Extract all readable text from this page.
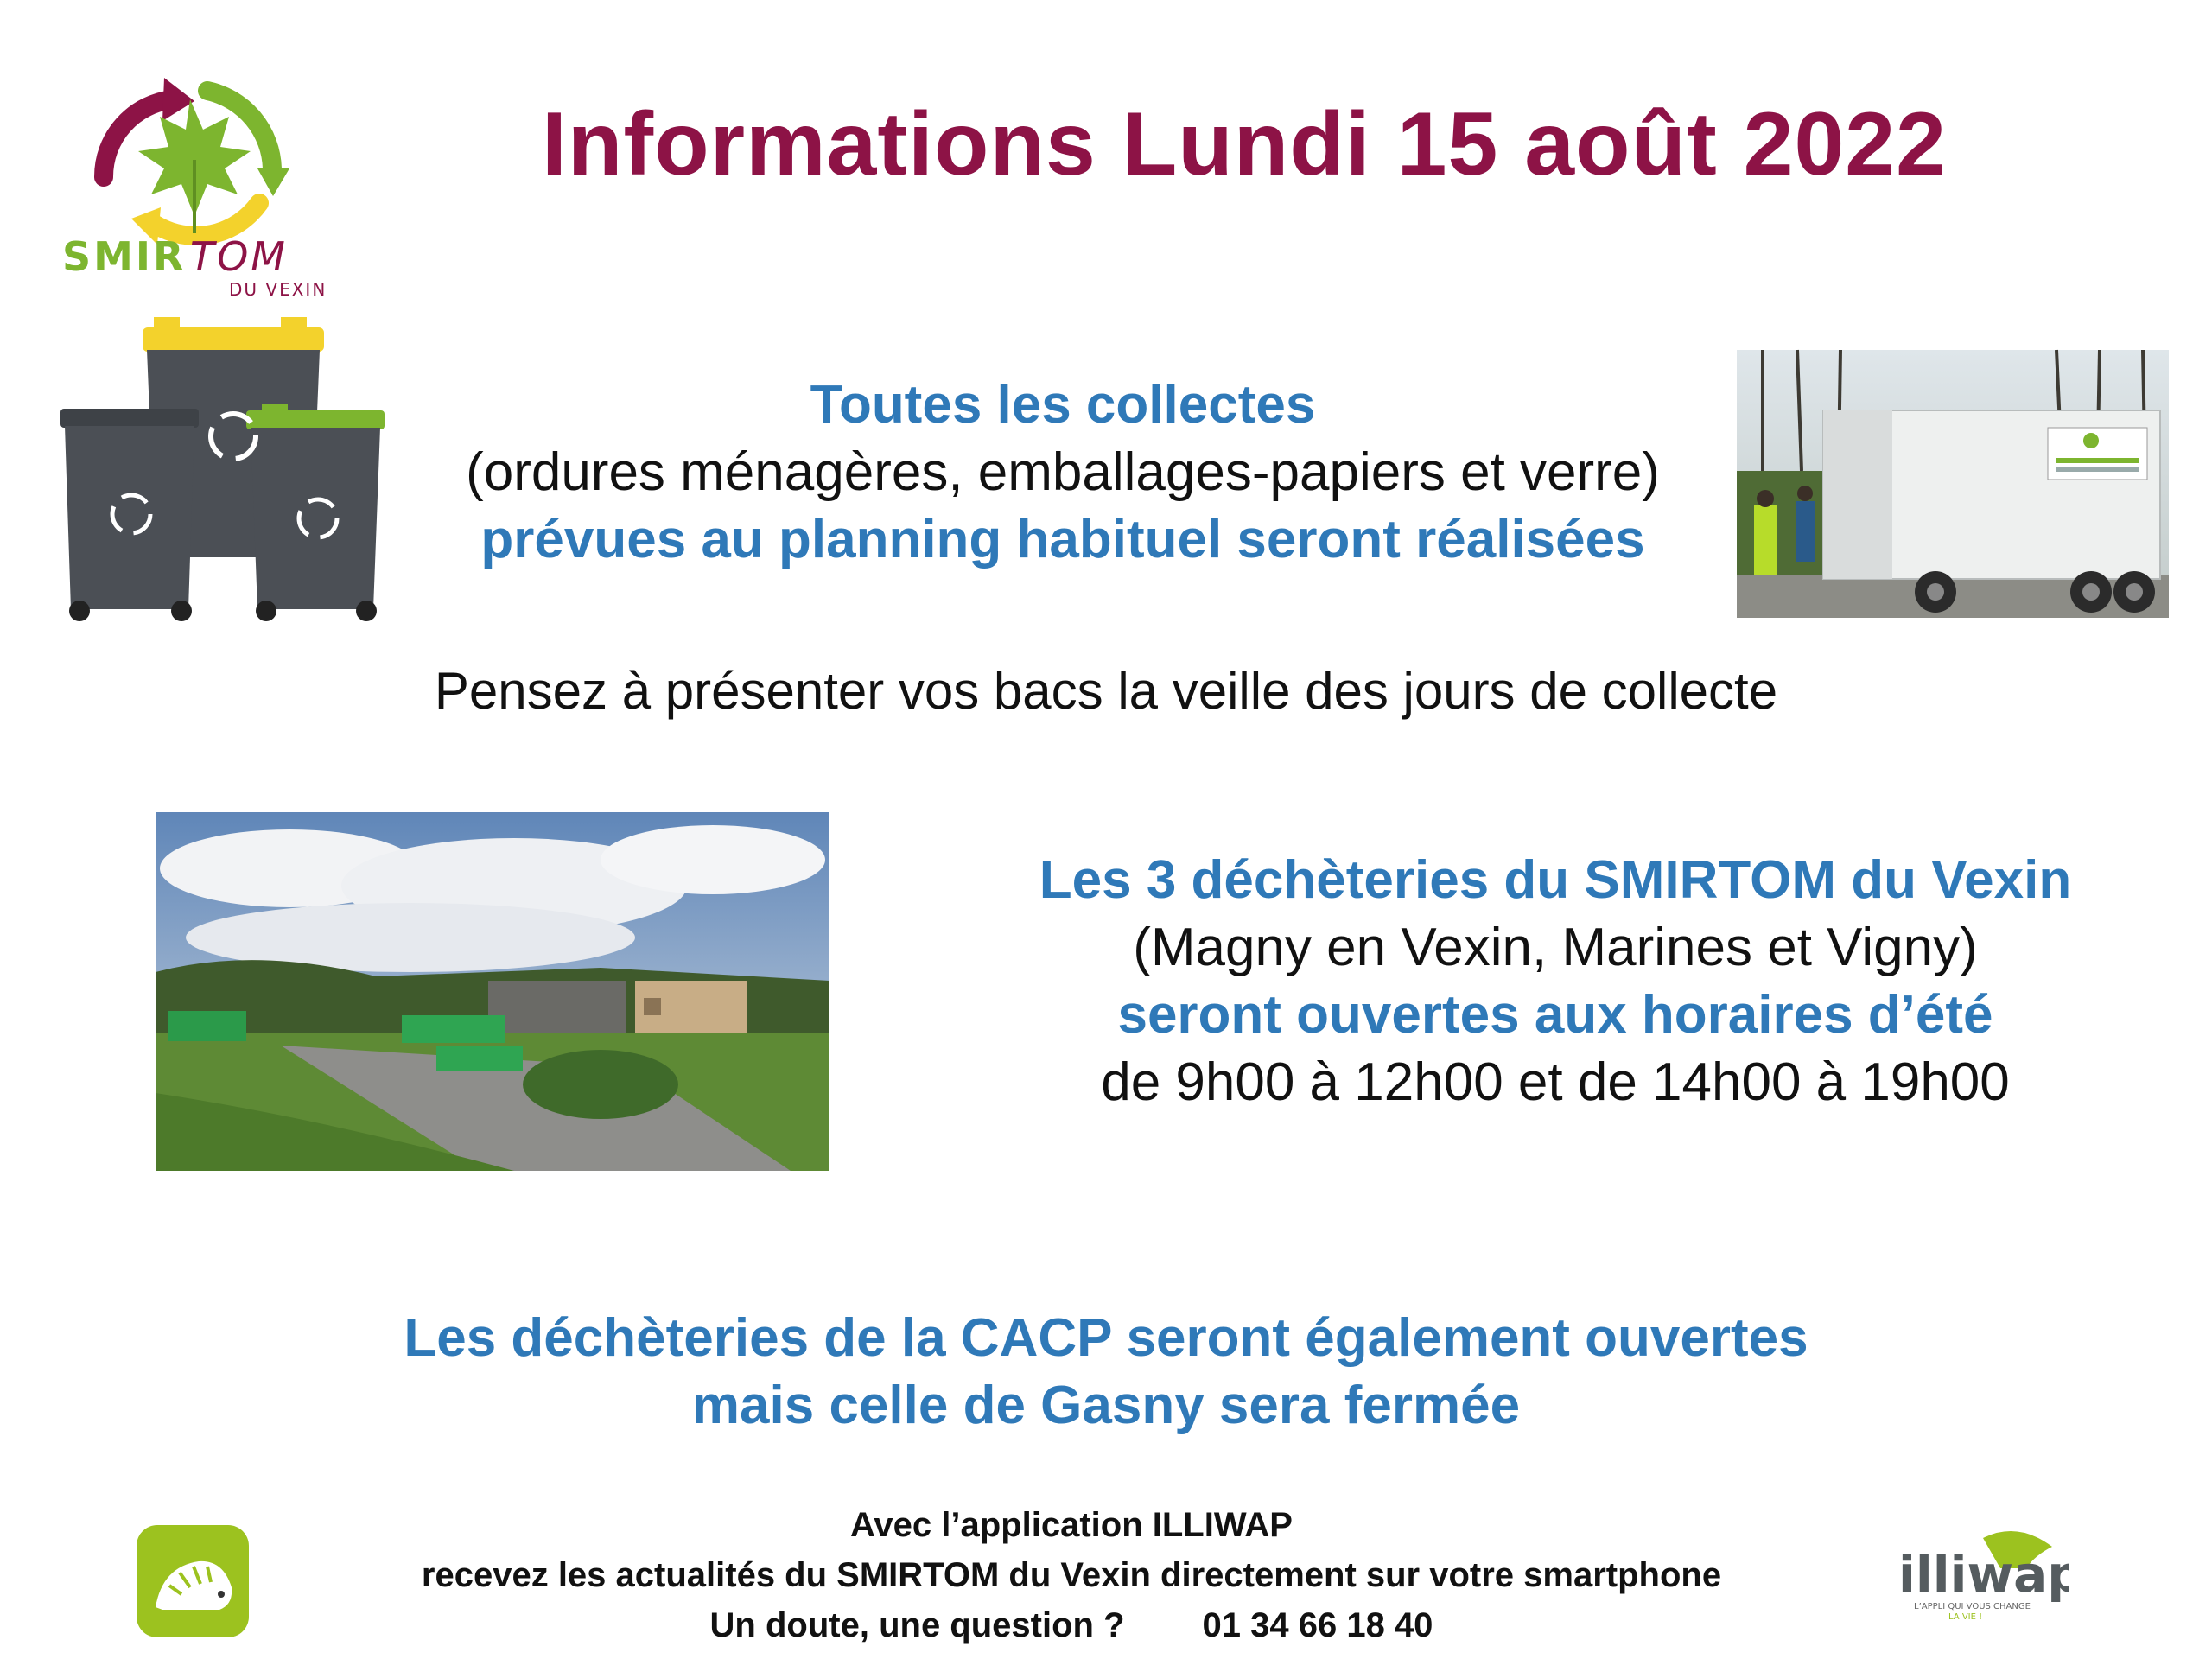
SMIR TOM
DU VEXIN
Informations Lundi 15 août 2022
Toutes les collectes
(ordures ménagères, emballages-papiers et verre)
prévues au planning habituel seront réalisées
Pensez à présenter vos bacs la veille des jours de collecte
Les 3 déchèteries du SMIRTOM du Vexin
(Magny en Vexin, Marines et Vigny)
seront ouvertes aux horaires d’été
de 9h00 à 12h00 et de 14h00 à 19h00
Les déchèteries de la CACP seront également ouvertes
mais celle de Gasny sera fermée
Avec l’application ILLIWAP
recevez les actualités du SMIRTOM du Vexin directement sur votre smartphone
Un doute, une question ? 01 34 66 18 40
illiwap
L’APPLI QUI VOUS CHANGE
LA VIE !
